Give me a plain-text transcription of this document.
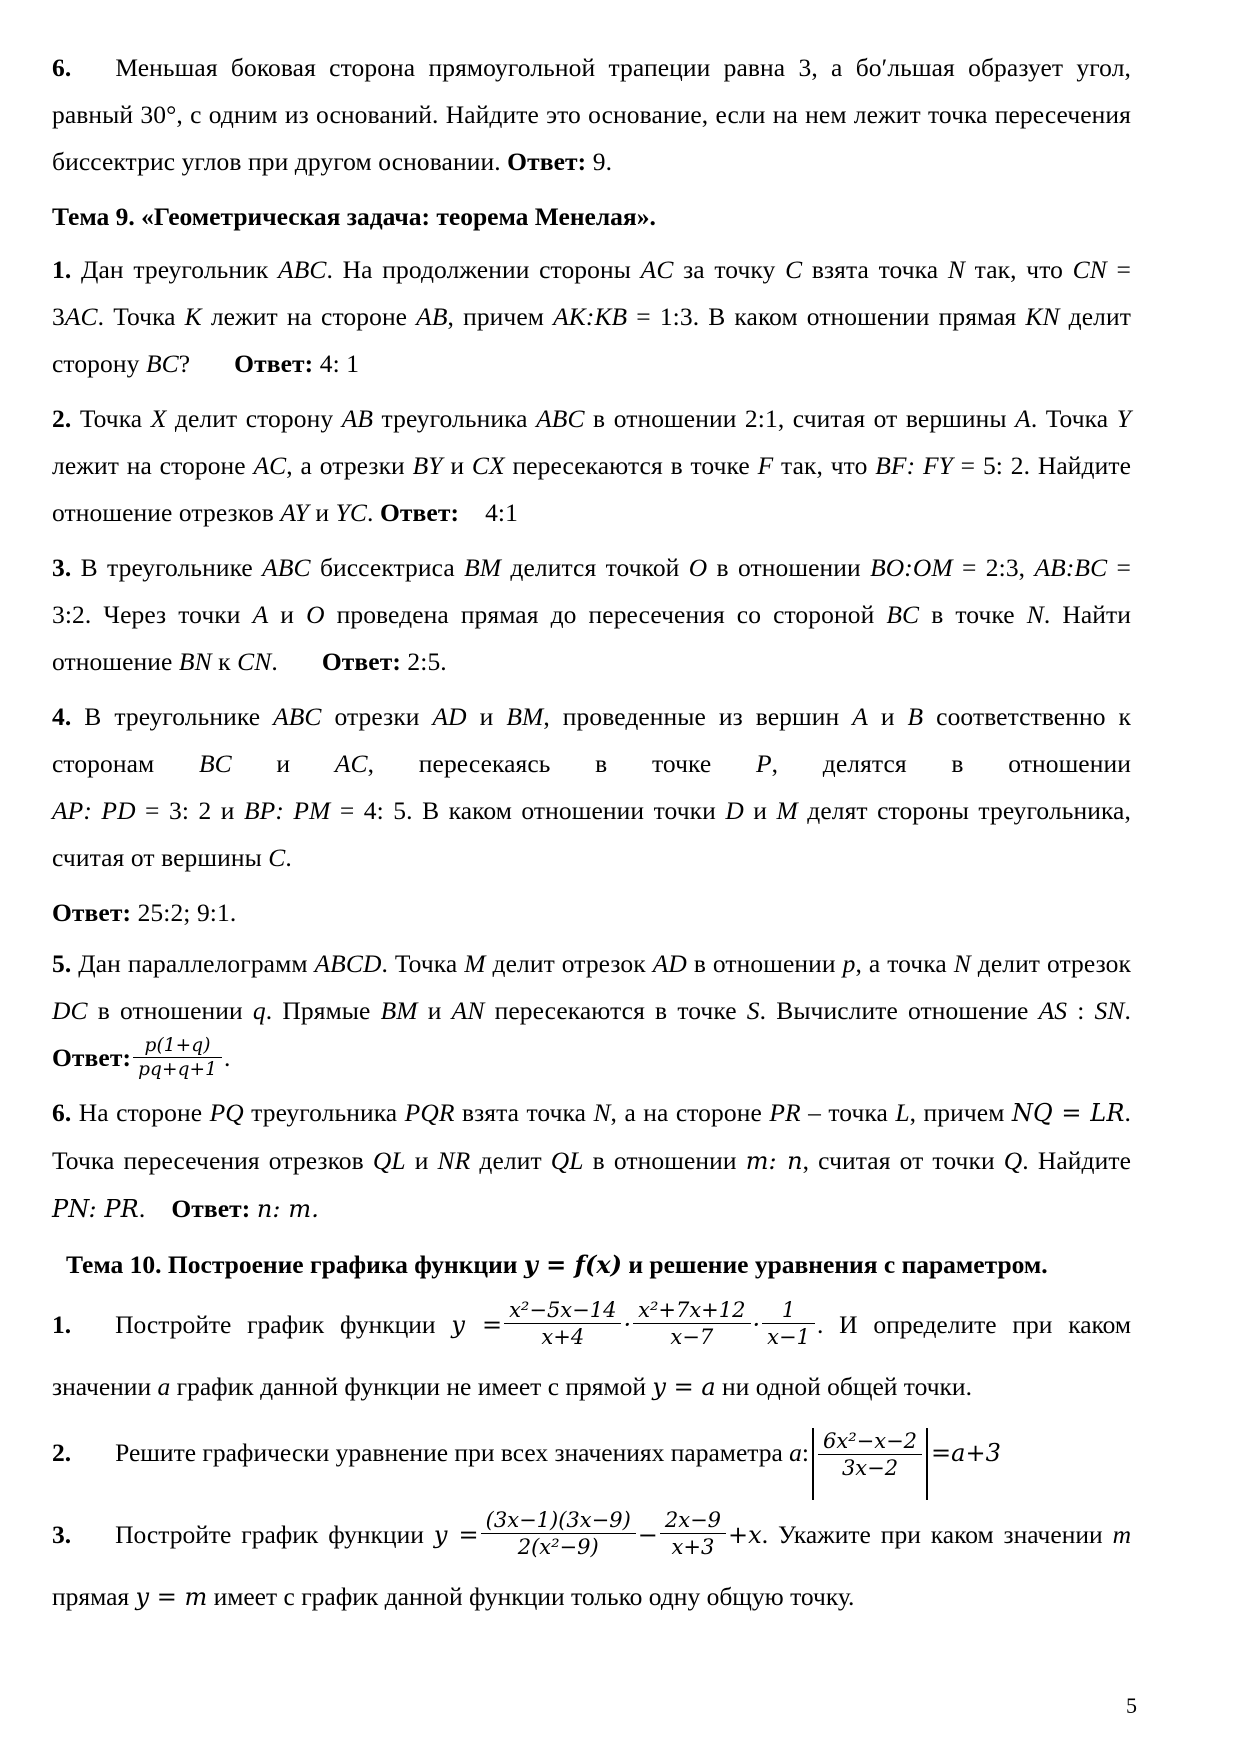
6. Меньшая боковая сторона прямоугольной трапеции равна 3, а боʹльшая образует угол, равный 30°, с одним из оснований. Найдите это основание, если на нем лежит точка пересечения биссектрис углов при другом основании. Ответ: 9.

Тема 9. «Геометрическая задача: теорема Менелая».

1. Дан треугольник ABC. На продолжении стороны AC за точку C взята точка N так, что CN = 3AC. Точка K лежит на стороне AB, причем AK:KB = 1:3. В каком отношении прямая KN делит сторону BC? Ответ: 4: 1

2. Точка X делит сторону AB треугольника ABC в отношении 2:1, считая от вершины A. Точка Y лежит на стороне AC, а отрезки BY и CX пересекаются в точке F так, что BF: FY = 5: 2. Найдите отношение отрезков AY и YC. Ответ: 4:1

3. В треугольнике ABC биссектриса BM делится точкой O в отношении BO:OM = 2:3, AB:BC = 3:2. Через точки A и O проведена прямая до пересечения со стороной BC в точке N. Найти отношение BN к CN. Ответ: 2:5.

4. В треугольнике ABC отрезки AD и BM, проведенные из вершин A и B соответственно к сторонам BC и AC, пересекаясь в точке P, делятся в отношении AP: PD = 3: 2 и BP: PM = 4: 5. В каком отношении точки D и M делят стороны треугольника, считая от вершины C.

Ответ: 25:2; 9:1.

5. Дан параллелограмм ABCD. Точка M делит отрезок AD в отношении p, а точка N делит отрезок DC в отношении q. Прямые BM и AN пересекаются в точке S. Вычислите отношение AS : SN. Ответ: $\frac{p(1+q)}{pq+q+1}$ .

6. На стороне PQ треугольника PQR взята точка N, а на стороне PR – точка L, причем NQ = LR. Точка пересечения отрезков QL и NR делит QL в отношении m: n, считая от точки Q. Найдите PN: PR. Ответ: n: m.

Тема 10. Построение графика функции y = f(x) и решение уравнения с параметром.

1. Постройте график функции $y = \frac{\text{x²−5x−14}}{x+4} \cdot \frac{\text{x²+7x+12}}{x-7} \cdot \frac{1}{x-1}$ . И определите при каком значении a график данной функции не имеет с прямой y = a ни одной общей точки.

2. Решите графически уравнение при всех значениях параметра a: $\frac{\text{6x²−x−2}}{3x-2} =a+3$

3. Постройте график функции $y = \frac{(3x-1)(3x-9)}{\text{2(x²−9)}} - \frac{2x-9}{x+3} +x$. Укажите при каком значении m прямая y = m имеет с график данной функции только одну общую точку.

5
